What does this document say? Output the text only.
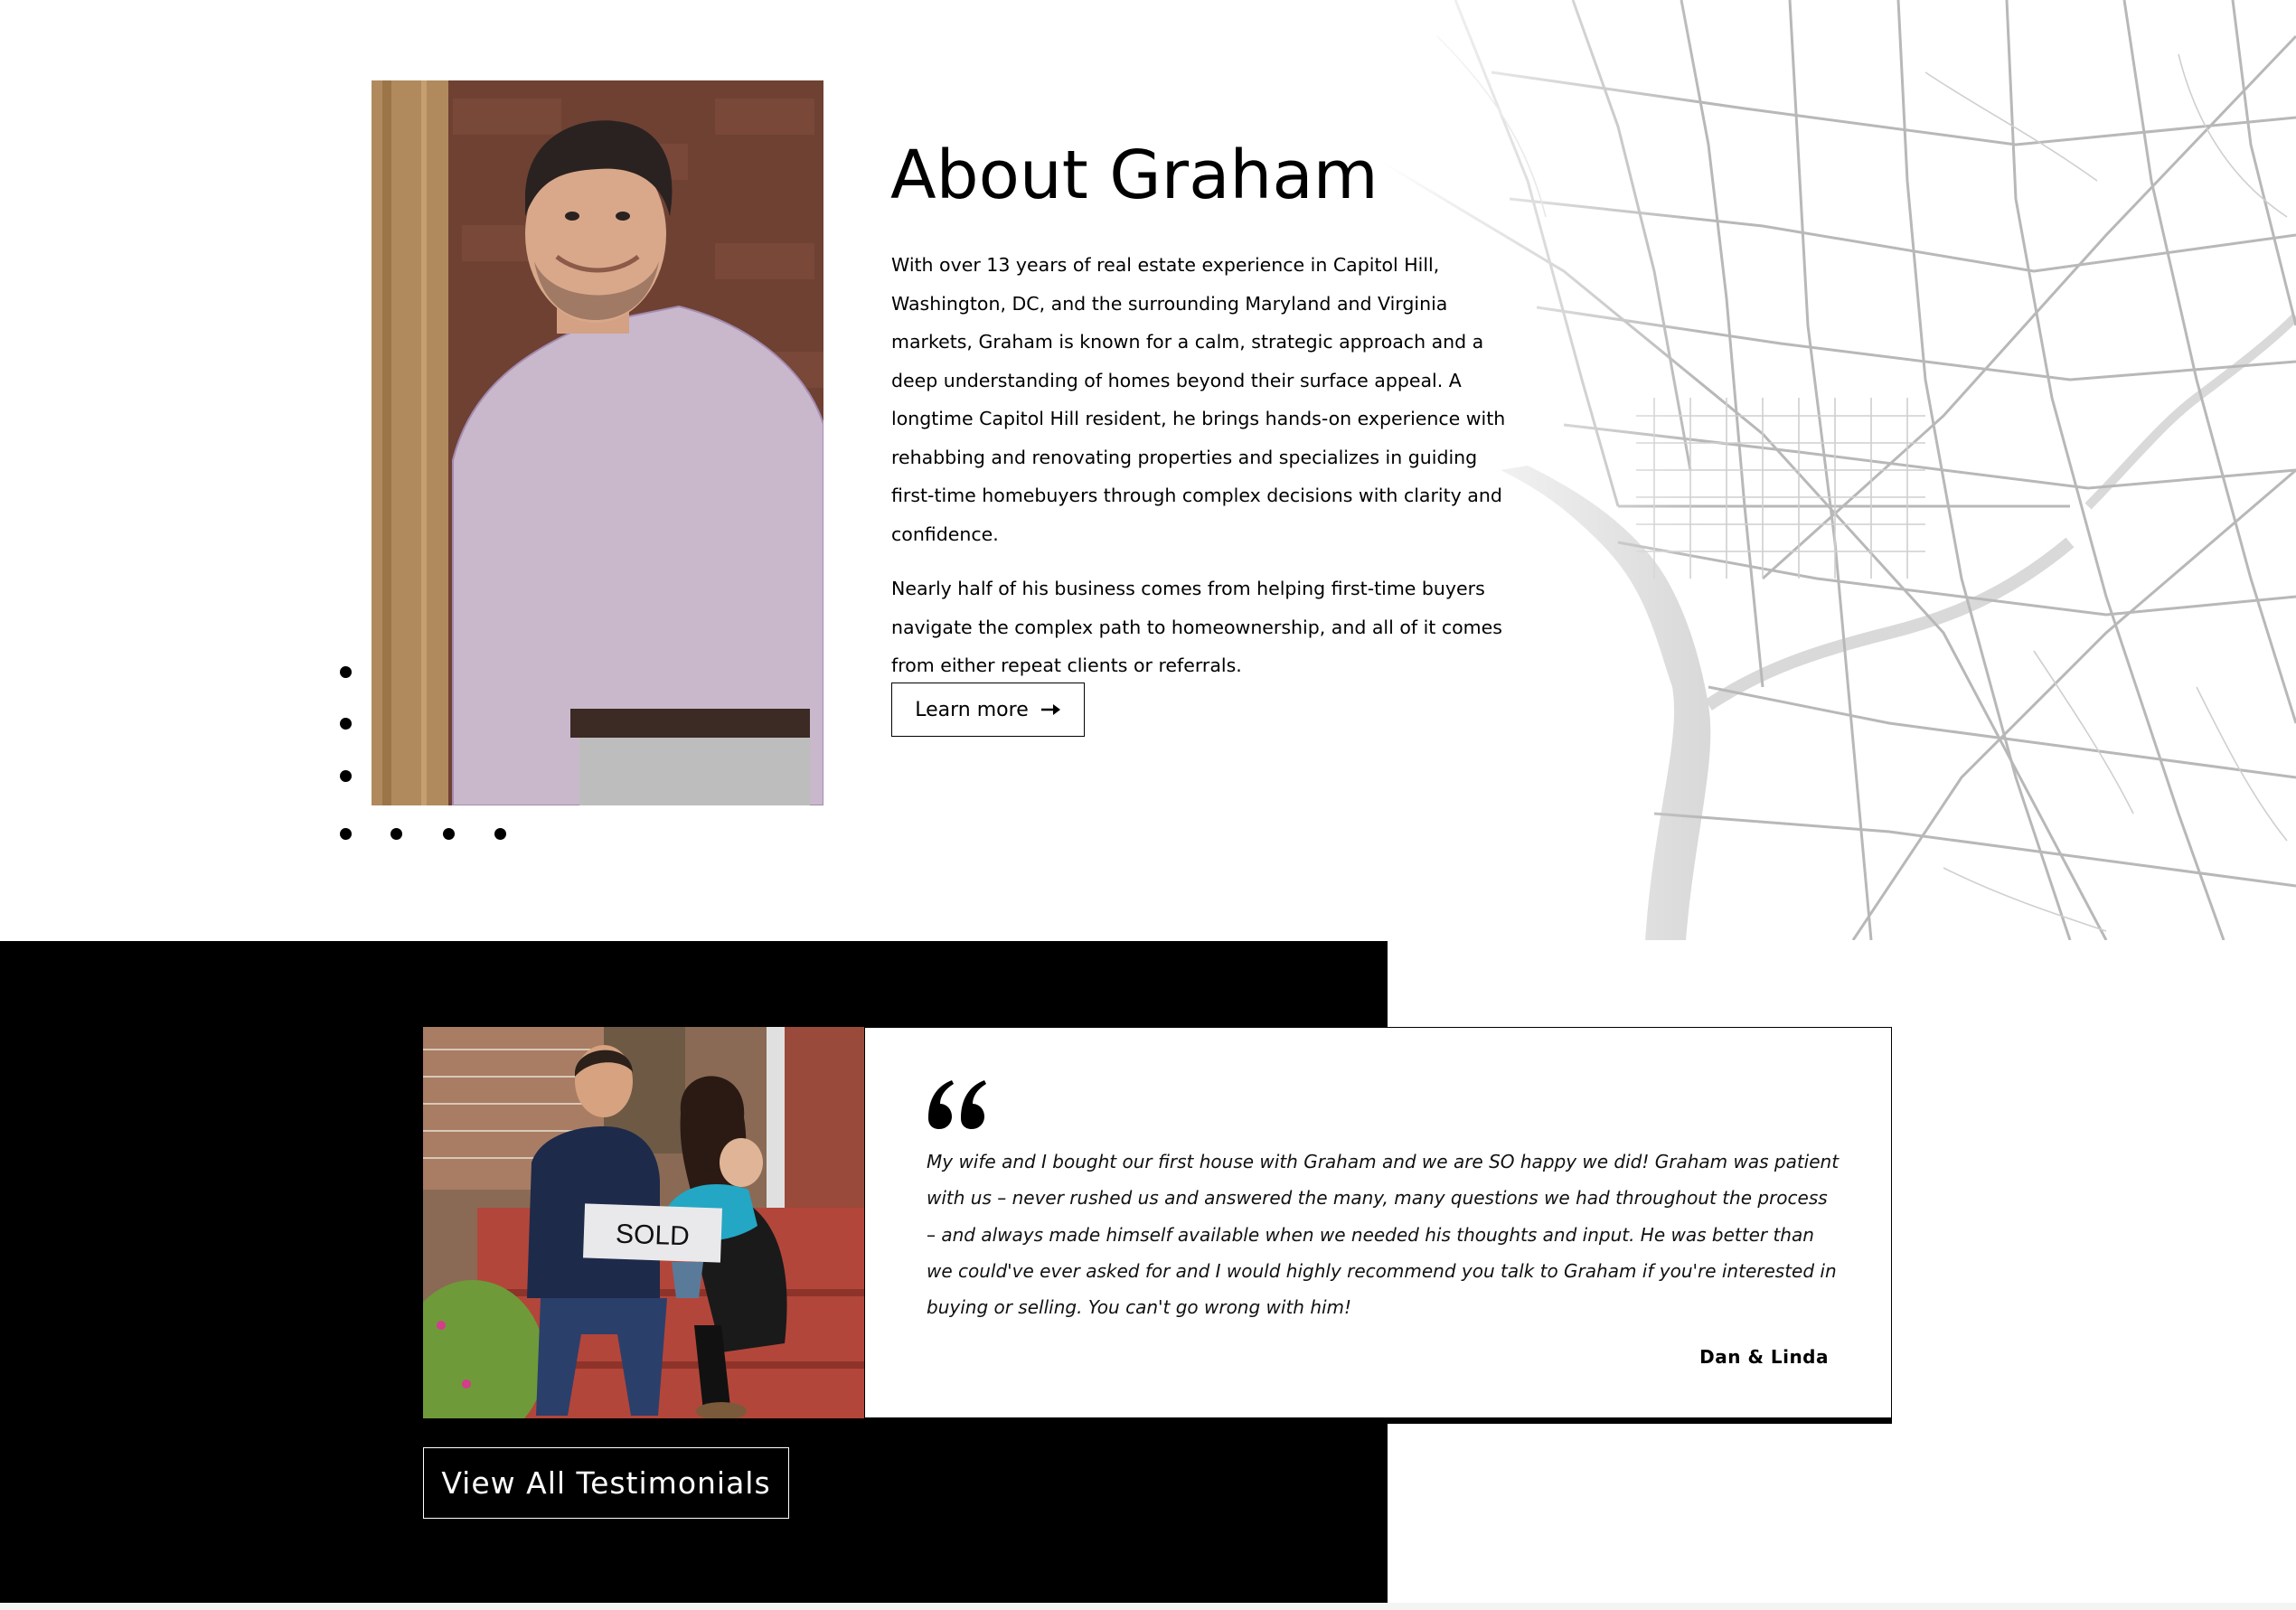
About Graham

With over 13 years of real estate experience in Capitol Hill, Washington, DC, and the surrounding Maryland and Virginia markets, Graham is known for a calm, strategic approach and a deep understanding of homes beyond their surface appeal. A longtime Capitol Hill resident, he brings hands-on experience with rehabbing and renovating properties and specializes in guiding first-time homebuyers through complex decisions with clarity and confidence.

Nearly half of his business comes from helping first-time buyers navigate the complex path to homeownership, and all of it comes from either repeat clients or referrals.

Learn more
SOLD

My wife and I bought our first house with Graham and we are SO happy we did! Graham was patient with us – never rushed us and answered the many, many questions we had throughout the process – and always made himself available when we needed his thoughts and input. He was better than we could've ever asked for and I would highly recommend you talk to Graham if you're interested in buying or selling. You can't go wrong with him!

Dan & Linda

View All Testimonials
